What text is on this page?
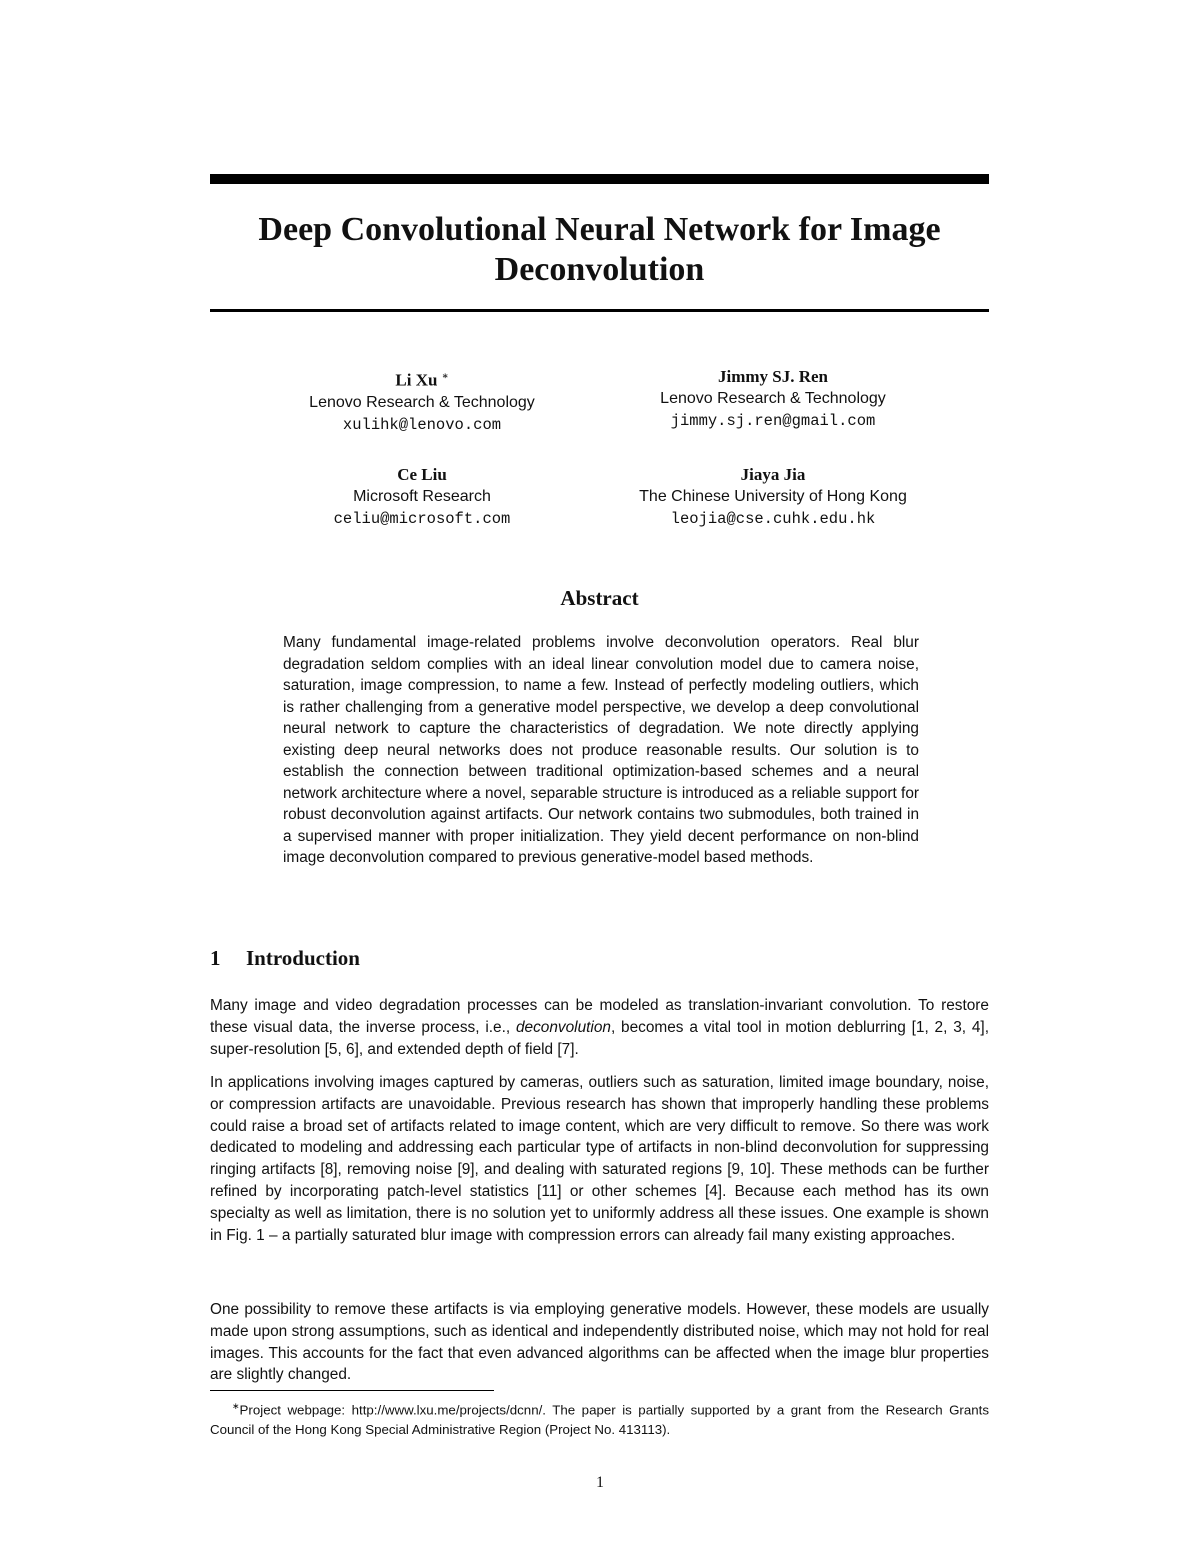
Deep Convolutional Neural Network for Image
Deconvolution
Li Xu ∗
Lenovo Research & Technology
xulihk@lenovo.com
Jimmy SJ. Ren
Lenovo Research & Technology
jimmy.sj.ren@gmail.com
Ce Liu
Microsoft Research
celiu@microsoft.com
Jiaya Jia
The Chinese University of Hong Kong
leojia@cse.cuhk.edu.hk
Abstract

Many fundamental image-related problems involve deconvolution operators. Real blur degradation seldom complies with an ideal linear convolution model due to camera noise, saturation, image compression, to name a few. Instead of perfectly modeling outliers, which is rather challenging from a generative model perspective, we develop a deep convolutional neural network to capture the characteristics of degradation. We note directly applying existing deep neural networks does not produce reasonable results. Our solution is to establish the connection between traditional optimization-based schemes and a neural network architecture where a novel, separable structure is introduced as a reliable support for robust deconvolution against artifacts. Our network contains two submodules, both trained in a supervised manner with proper initialization. They yield decent performance on non-blind image deconvolution compared to previous generative-model based methods.

1 Introduction

Many image and video degradation processes can be modeled as translation-invariant convolution. To restore these visual data, the inverse process, i.e., deconvolution, becomes a vital tool in motion deblurring [1, 2, 3, 4], super-resolution [5, 6], and extended depth of field [7].

In applications involving images captured by cameras, outliers such as saturation, limited image boundary, noise, or compression artifacts are unavoidable. Previous research has shown that improperly handling these problems could raise a broad set of artifacts related to image content, which are very difficult to remove. So there was work dedicated to modeling and addressing each particular type of artifacts in non-blind deconvolution for suppressing ringing artifacts [8], removing noise [9], and dealing with saturated regions [9, 10]. These methods can be further refined by incorporating patch-level statistics [11] or other schemes [4]. Because each method has its own specialty as well as limitation, there is no solution yet to uniformly address all these issues. One example is shown in Fig. 1 – a partially saturated blur image with compression errors can already fail many existing approaches.

One possibility to remove these artifacts is via employing generative models. However, these models are usually made upon strong assumptions, such as identical and independently distributed noise, which may not hold for real images. This accounts for the fact that even advanced algorithms can be affected when the image blur properties are slightly changed.

∗Project webpage: http://www.lxu.me/projects/dcnn/. The paper is partially supported by a grant from the Research Grants Council of the Hong Kong Special Administrative Region (Project No. 413113).

1
